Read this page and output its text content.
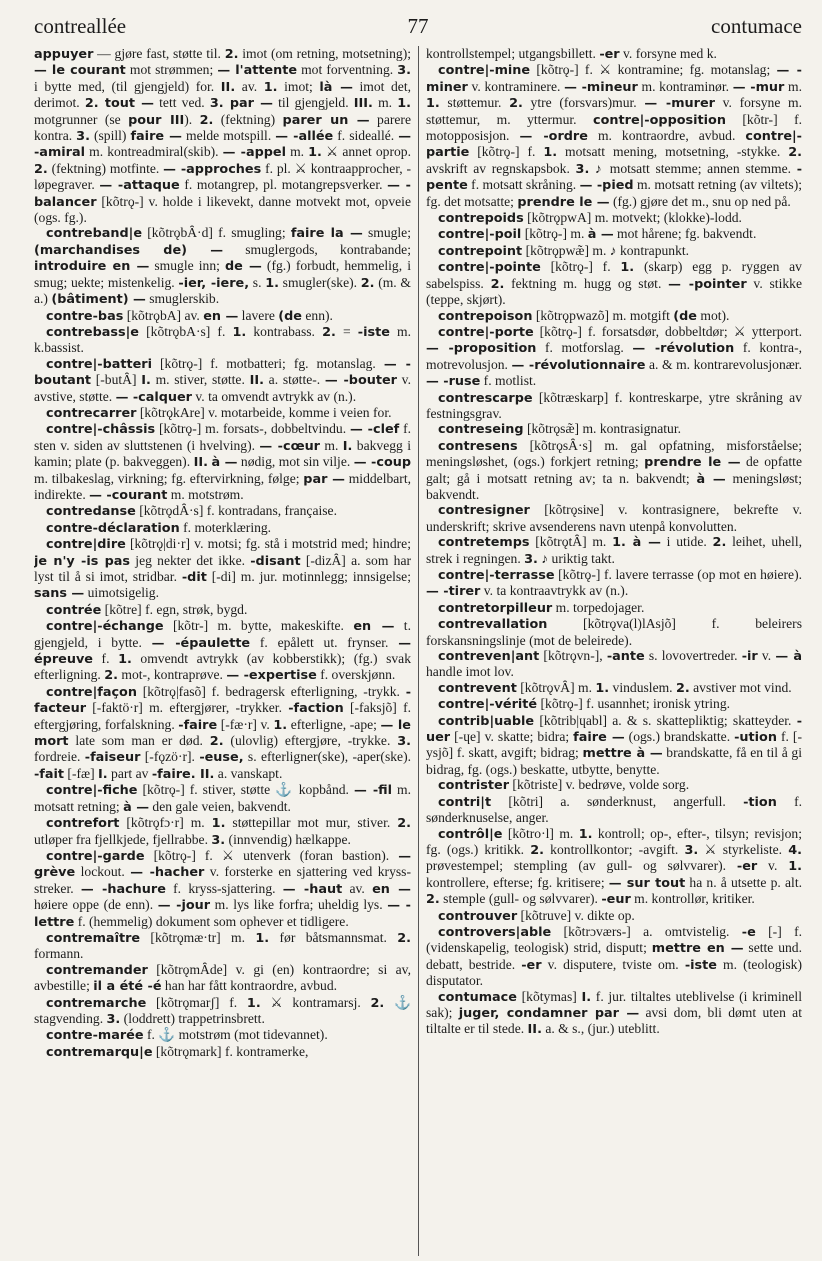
contreallée	77	contumace

appuyer — gjøre fast, støtte til. 2. imot (om retning, motsetning); — le courant mot strømmen; — l'attente mot forventning. 3. i bytte med, (til gjengjeld) for. II. av. 1. imot; là — imot det, derimot. 2. tout — tett ved. 3. par — til gjengjeld. III. m. 1. motgrunner (se pour III). 2. (fektning) parer un — parere kontra. 3. (spill) faire — melde motspill. — -allée f. sideallé. — -amiral m. kontreadmiral(skib). — -appel m. 1. ⚔ annet oprop. 2. (fektning) motfinte. — -approches f. pl. ⚔ kontraapprocher, -løpegraver. — -attaque f. motangrep, pl. motangrepsverker. — -balancer [kõtrǫ-] v. holde i likevekt, danne motvekt mot, opveie (ogs. fg.).

contreband|e [kõtrǫbȂ·d] f. smugling; faire la — smugle; (marchandises de) — smuglergods, kontrabande; introduire en — smugle inn; de — (fg.) forbudt, hemmelig, i smug; uekte; mistenkelig. -ier, -iere, s. 1. smugler(ske). 2. (m. & a.) (bâtiment) — smuglerskib.

contre-bas [kõtrǫbA] av. en — lavere (de enn).

contrebass|e [kõtrǫbA·s] f. 1. kontrabass. 2. = -iste m. k.bassist.

contre|-batteri [kõtrǫ-] f. motbatteri; fg. motanslag. — -boutant [-butȂ] I. m. stiver, støtte. II. a. støtte-. — -bouter v. avstive, støtte. — -calquer v. ta omvendt avtrykk av (n.).

contrecarrer [kõtrǫkAre] v. motarbeide, komme i veien for.

contre|-châssis [kõtrǫ-] m. forsats-, dobbeltvindu. — -clef f. sten v. siden av sluttstenen (i hvelving). — -cœur m. I. bakvegg i kamin; plate (p. bakveggen). II. à — nødig, mot sin vilje. — -coup m. tilbakeslag, virkning; fg. eftervirkning, følge; par — middelbart, indirekte. — -courant m. motstrøm.

contredanse [kõtrǫdȂ·s] f. kontradans, française.

contre-déclaration f. moterklæring.

contre|dire [kõtrǫ|di·r] v. motsi; fg. stå i motstrid med; hindre; je n'y -is pas jeg nekter det ikke. -disant [-dizȂ] a. som har lyst til å si imot, stridbar. -dit [-di] m. jur. motinnlegg; innsigelse; sans — uimotsigelig.

contrée [kõtre] f. egn, strøk, bygd.

contre|-échange [kõtr-] m. bytte, makeskifte. en — t. gjengjeld, i bytte. — -épaulette f. epålett ut. frynser. — épreuve f. 1. omvendt avtrykk (av kobberstikk); (fg.) svak efterligning. 2. mot-, kontraprøve. — -expertise f. overskjønn.

contre|façon [kõtrǫ|fasõ] f. bedragersk efterligning, -trykk. -facteur [-faktö·r] m. eftergjører, -trykker. -faction [-faksjõ] f. eftergjøring, forfalskning. -faire [-fæ·r] v. 1. efterligne, -ape; — le mort late som man er død. 2. (ulovlig) eftergjøre, -trykke. 3. fordreie. -faiseur [-fǫzö·r]. -euse, s. efterligner(ske), -aper(ske). -fait [-fæ] I. part av -faire. II. a. vanskapt.

contre|-fiche [kõtrǫ-] f. stiver, støtte ⚓ kopbånd. — -fil m. motsatt retning; à — den gale veien, bakvendt.

contrefort [kõtrǫfɔ·r] m. 1. støttepillar mot mur, stiver. 2. utløper fra fjellkjede, fjellrabbe. 3. (innvendig) hælkappe.

contre|-garde [kõtrǫ-] f. ⚔ utenverk (foran bastion). — grève lockout. — -hacher v. forsterke en sjattering ved kryss-streker. — -hachure f. kryss-sjattering. — -haut av. en — høiere oppe (de enn). — -jour m. lys like forfra; uheldig lys. — -lettre f. (hemmelig) dokument som ophever et tidligere.

contremaître [kõtrǫmæ·tr] m. 1. før båtsmannsmat. 2. formann.

contremander [kõtrǫmȂde] v. gi (en) kontraordre; si av, avbestille; il a été -é han har fått kontraordre, avbud.

contremarche [kõtrǫmarʃ] f. 1. ⚔ kontramarsj. 2. ⚓ stagvending. 3. (loddrett) trappetrinsbrett.

contre-marée f. ⚓ motstrøm (mot tidevannet).

contremarqu|e [kõtrǫmark] f. kontramerke,

kontrollstempel; utgangsbillett. -er v. forsyne med k.

contre|-mine [kõtrǫ-] f. ⚔ kontramine; fg. motanslag; — -miner v. kontraminere. — -mineur m. kontraminør. — -mur m. 1. støttemur. 2. ytre (forsvars)mur. — -murer v. forsyne m. støttemur, m. yttermur. contre|-opposition [kõtr-] f. motopposisjon. — -ordre m. kontraordre, avbud. contre|-partie [kõtrǫ-] f. 1. motsatt mening, motsetning, -stykke. 2. avskrift av regnskapsbok. 3. ♪ motsatt stemme; annen stemme. -pente f. motsatt skråning. — -pied m. motsatt retning (av viltets); fg. det motsatte; prendre le — (fg.) gjøre det m., snu op ned på.

contrepoids [kõtrǫpwA] m. motvekt; (klokke)-lodd.

contre|-poil [kõtrǫ-] m. à — mot hårene; fg. bakvendt.

contrepoint [kõtrǫpwæ̃] m. ♪ kontrapunkt.

contre|-pointe [kõtrǫ-] f. 1. (skarp) egg p. ryggen av sabelspiss. 2. fektning m. hugg og støt. — -pointer v. stikke (teppe, skjørt).

contrepoison [kõtrǫpwazõ] m. motgift (de mot).

contre|-porte [kõtrǫ-] f. forsatsdør, dobbeltdør; ⚔ ytterport. — -proposition f. motforslag. — -révolution f. kontra-, motrevolusjon. — -révolutionnaire a. & m. kontrarevolusjonær. — -ruse f. motlist.

contrescarpe [kõtræskarp] f. kontreskarpe, ytre skråning av festningsgrav.

contreseing [kõtrǫsæ̃] m. kontrasignatur.

contresens [kõtrǫsȂ·s] m. gal opfatning, misforståelse; meningsløshet, (ogs.) forkjert retning; prendre le — de opfatte galt; gå i motsatt retning av; ta n. bakvendt; à — meningsløst; bakvendt.

contresigner [kõtrǫsiɴe] v. kontrasignere, bekrefte v. underskrift; skrive avsenderens navn utenpå konvolutten.

contretemps [kõtrǫtȂ] m. 1. à — i utide. 2. leihet, uhell, strek i regningen. 3. ♪ uriktig takt.

contre|-terrasse [kõtrǫ-] f. lavere terrasse (op mot en høiere). — -tirer v. ta kontraavtrykk av (n.).

contretorpilleur m. torpedojager.

contrevallation [kõtrǫva(l)lAsjõ] f. beleirers forskansningslinje (mot de beleirede).

contreven|ant [kõtrǫvn-], -ante s. lovovertreder. -ir v. — à handle imot lov.

contrevent [kõtrǫvȂ] m. 1. vinduslem. 2. avstiver mot vind.

contre|-vérité [kõtrǫ-] f. usannhet; ironisk ytring.

contrib|uable [kõtrib|ɥabl] a. & s. skattepliktig; skatteyder. -uer [-ɥe] v. skatte; bidra; faire — (ogs.) brandskatte. -ution f. [-ysjõ] f. skatt, avgift; bidrag; mettre à — brandskatte, få en til å gi bidrag, fg. (ogs.) beskatte, utbytte, benytte.

contrister [kõtriste] v. bedrøve, volde sorg.

contri|t [kõtri] a. sønderknust, angerfull. -tion f. sønderknuselse, anger.

contrôl|e [kõtro·l] m. 1. kontroll; op-, efter-, tilsyn; revisjon; fg. (ogs.) kritikk. 2. kontrollkontor; -avgift. 3. ⚔ styrkeliste. 4. prøvestempel; stempling (av gull- og sølvvarer). -er v. 1. kontrollere, efterse; fg. kritisere; — sur tout ha n. å utsette p. alt. 2. stemple (gull- og sølvvarer). -eur m. kontrollør, kritiker.

controuver [kõtruve] v. dikte op.

controvers|able [kõtrɔværs-] a. omtvistelig. -e [-] f. (videnskapelig, teologisk) strid, disputt; mettre en — sette und. debatt, bestride. -er v. disputere, tviste om. -iste m. (teologisk) disputator.

contumace [kõtymas] I. f. jur. tiltaltes uteblivelse (i kriminell sak); juger, condamner par — avsi dom, bli dømt uten at tiltalte er til stede. II. a. & s., (jur.) uteblitt.
